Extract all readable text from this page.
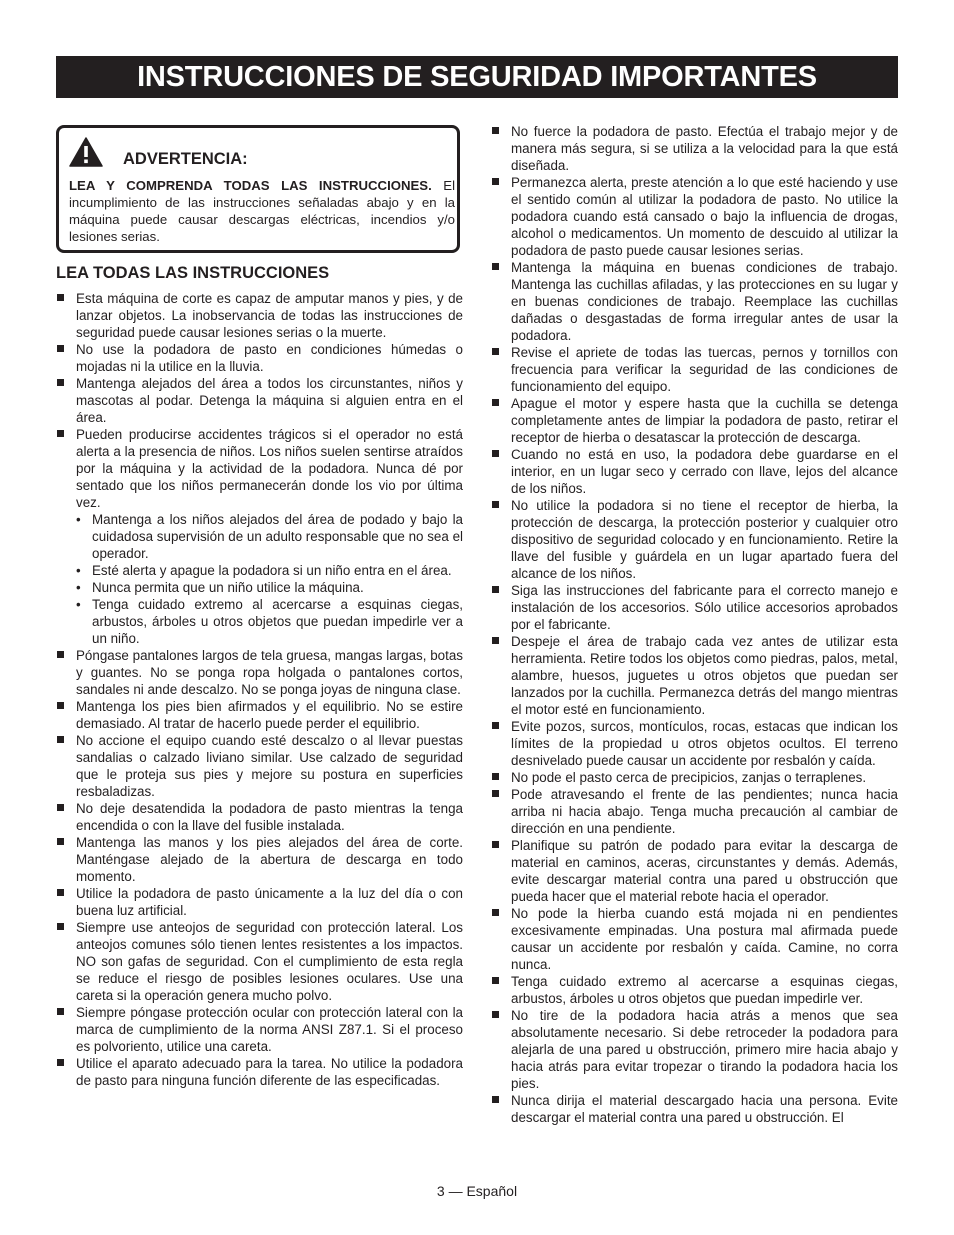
INSTRUCCIONES DE SEGURIDAD IMPORTANTES
ADVERTENCIA:
LEA Y COMPRENDA TODAS LAS INSTRUCCIONES. El incumplimiento de las instrucciones señaladas abajo y en la máquina puede causar descargas eléctricas, incendios y/o lesiones serias.
LEA TODAS LAS INSTRUCCIONES
Esta máquina de corte es capaz de amputar manos y pies, y de lanzar objetos. La inobservancia de todas las instrucciones de seguridad puede causar lesiones serias o la muerte.
No use la podadora de pasto en condiciones húmedas o mojadas ni la utilice en la lluvia.
Mantenga alejados del área a todos los circunstantes, niños y mascotas al podar. Detenga la máquina si alguien entra en el área.
Pueden producirse accidentes trágicos si el operador no está alerta a la presencia de niños. Los niños suelen sentirse atraídos por la máquina y la actividad de la podadora. Nunca dé por sentado que los niños permanecerán donde los vio por última vez.
• Mantenga a los niños alejados del área de podado y bajo la cuidadosa supervisión de un adulto responsable que no sea el operador.
• Esté alerta y apague la podadora si un niño entra en el área.
• Nunca permita que un niño utilice la máquina.
• Tenga cuidado extremo al acercarse a esquinas ciegas, arbustos, árboles u otros objetos que puedan impedirle ver a un niño.
Póngase pantalones largos de tela gruesa, mangas largas, botas y guantes. No se ponga ropa holgada o pantalones cortos, sandales ni ande descalzo. No se ponga joyas de ninguna clase.
Mantenga los pies bien afirmados y el equilibrio. No se estire demasiado. Al tratar de hacerlo puede perder el equilibrio.
No accione el equipo cuando esté descalzo o al llevar puestas sandalias o calzado liviano similar. Use calzado de seguridad que le proteja sus pies y mejore su postura en superficies resbaladizas.
No deje desatendida la podadora de pasto mientras la tenga encendida o con la llave del fusible instalada.
Mantenga las manos y los pies alejados del área de corte. Manténgase alejado de la abertura de descarga en todo momento.
Utilice la podadora de pasto únicamente a la luz del día o con buena luz artificial.
Siempre use anteojos de seguridad con protección lateral. Los anteojos comunes sólo tienen lentes resistentes a los impactos. NO son gafas de seguridad. Con el cumplimiento de esta regla se reduce el riesgo de posibles lesiones oculares. Use una careta si la operación genera mucho polvo.
Siempre póngase protección ocular con protección lateral con la marca de cumplimiento de la norma ANSI Z87.1. Si el proceso es polvoriento, utilice una careta.
Utilice el aparato adecuado para la tarea. No utilice la podadora de pasto para ninguna función diferente de las especificadas.
No fuerce la podadora de pasto. Efectúa el trabajo mejor y de manera más segura, si se utiliza a la velocidad para la que está diseñada.
Permanezca alerta, preste atención a lo que esté haciendo y use el sentido común al utilizar la podadora de pasto. No utilice la podadora cuando está cansado o bajo la influencia de drogas, alcohol o medicamentos. Un momento de descuido al utilizar la podadora de pasto puede causar lesiones serias.
Mantenga la máquina en buenas condiciones de trabajo. Mantenga las cuchillas afiladas, y las protecciones en su lugar y en buenas condiciones de trabajo. Reemplace las cuchillas dañadas o desgastadas de forma irregular antes de usar la podadora.
Revise el apriete de todas las tuercas, pernos y tornillos con frecuencia para verificar la seguridad de las condiciones de funcionamiento del equipo.
Apague el motor y espere hasta que la cuchilla se detenga completamente antes de limpiar la podadora de pasto, retirar el receptor de hierba o desatascar la protección de descarga.
Cuando no está en uso, la podadora debe guardarse en el interior, en un lugar seco y cerrado con llave, lejos del alcance de los niños.
No utilice la podadora si no tiene el receptor de hierba, la protección de descarga, la protección posterior y cualquier otro dispositivo de seguridad colocado y en funcionamiento. Retire la llave del fusible y guárdela en un lugar apartado fuera del alcance de los niños.
Siga las instrucciones del fabricante para el correcto manejo e instalación de los accesorios. Sólo utilice accesorios aprobados por el fabricante.
Despeje el área de trabajo cada vez antes de utilizar esta herramienta. Retire todos los objetos como piedras, palos, metal, alambre, huesos, juguetes u otros objetos que puedan ser lanzados por la cuchilla. Permanezca detrás del mango mientras el motor esté en funcionamiento.
Evite pozos, surcos, montículos, rocas, estacas que indican los límites de la propiedad u otros objetos ocultos. El terreno desnivelado puede causar un accidente por resbalón y caída.
No pode el pasto cerca de precipicios, zanjas o terraplenes.
Pode atravesando el frente de las pendientes; nunca hacia arriba ni hacia abajo. Tenga mucha precaución al cambiar de dirección en una pendiente.
Planifique su patrón de podado para evitar la descarga de material en caminos, aceras, circunstantes y demás. Además, evite descargar material contra una pared u obstrucción que pueda hacer que el material rebote hacia el operador.
No pode la hierba cuando está mojada ni en pendientes excesivamente empinadas. Una postura mal afirmada puede causar un accidente por resbalón y caída. Camine, no corra nunca.
Tenga cuidado extremo al acercarse a esquinas ciegas, arbustos, árboles u otros objetos que puedan impedirle ver.
No tire de la podadora hacia atrás a menos que sea absolutamente necesario. Si debe retroceder la podadora para alejarla de una pared u obstrucción, primero mire hacia abajo y hacia atrás para evitar tropezar o tirando la podadora hacia los pies.
Nunca dirija el material descargado hacia una persona. Evite descargar el material contra una pared u obstrucción. El
3 — Español
